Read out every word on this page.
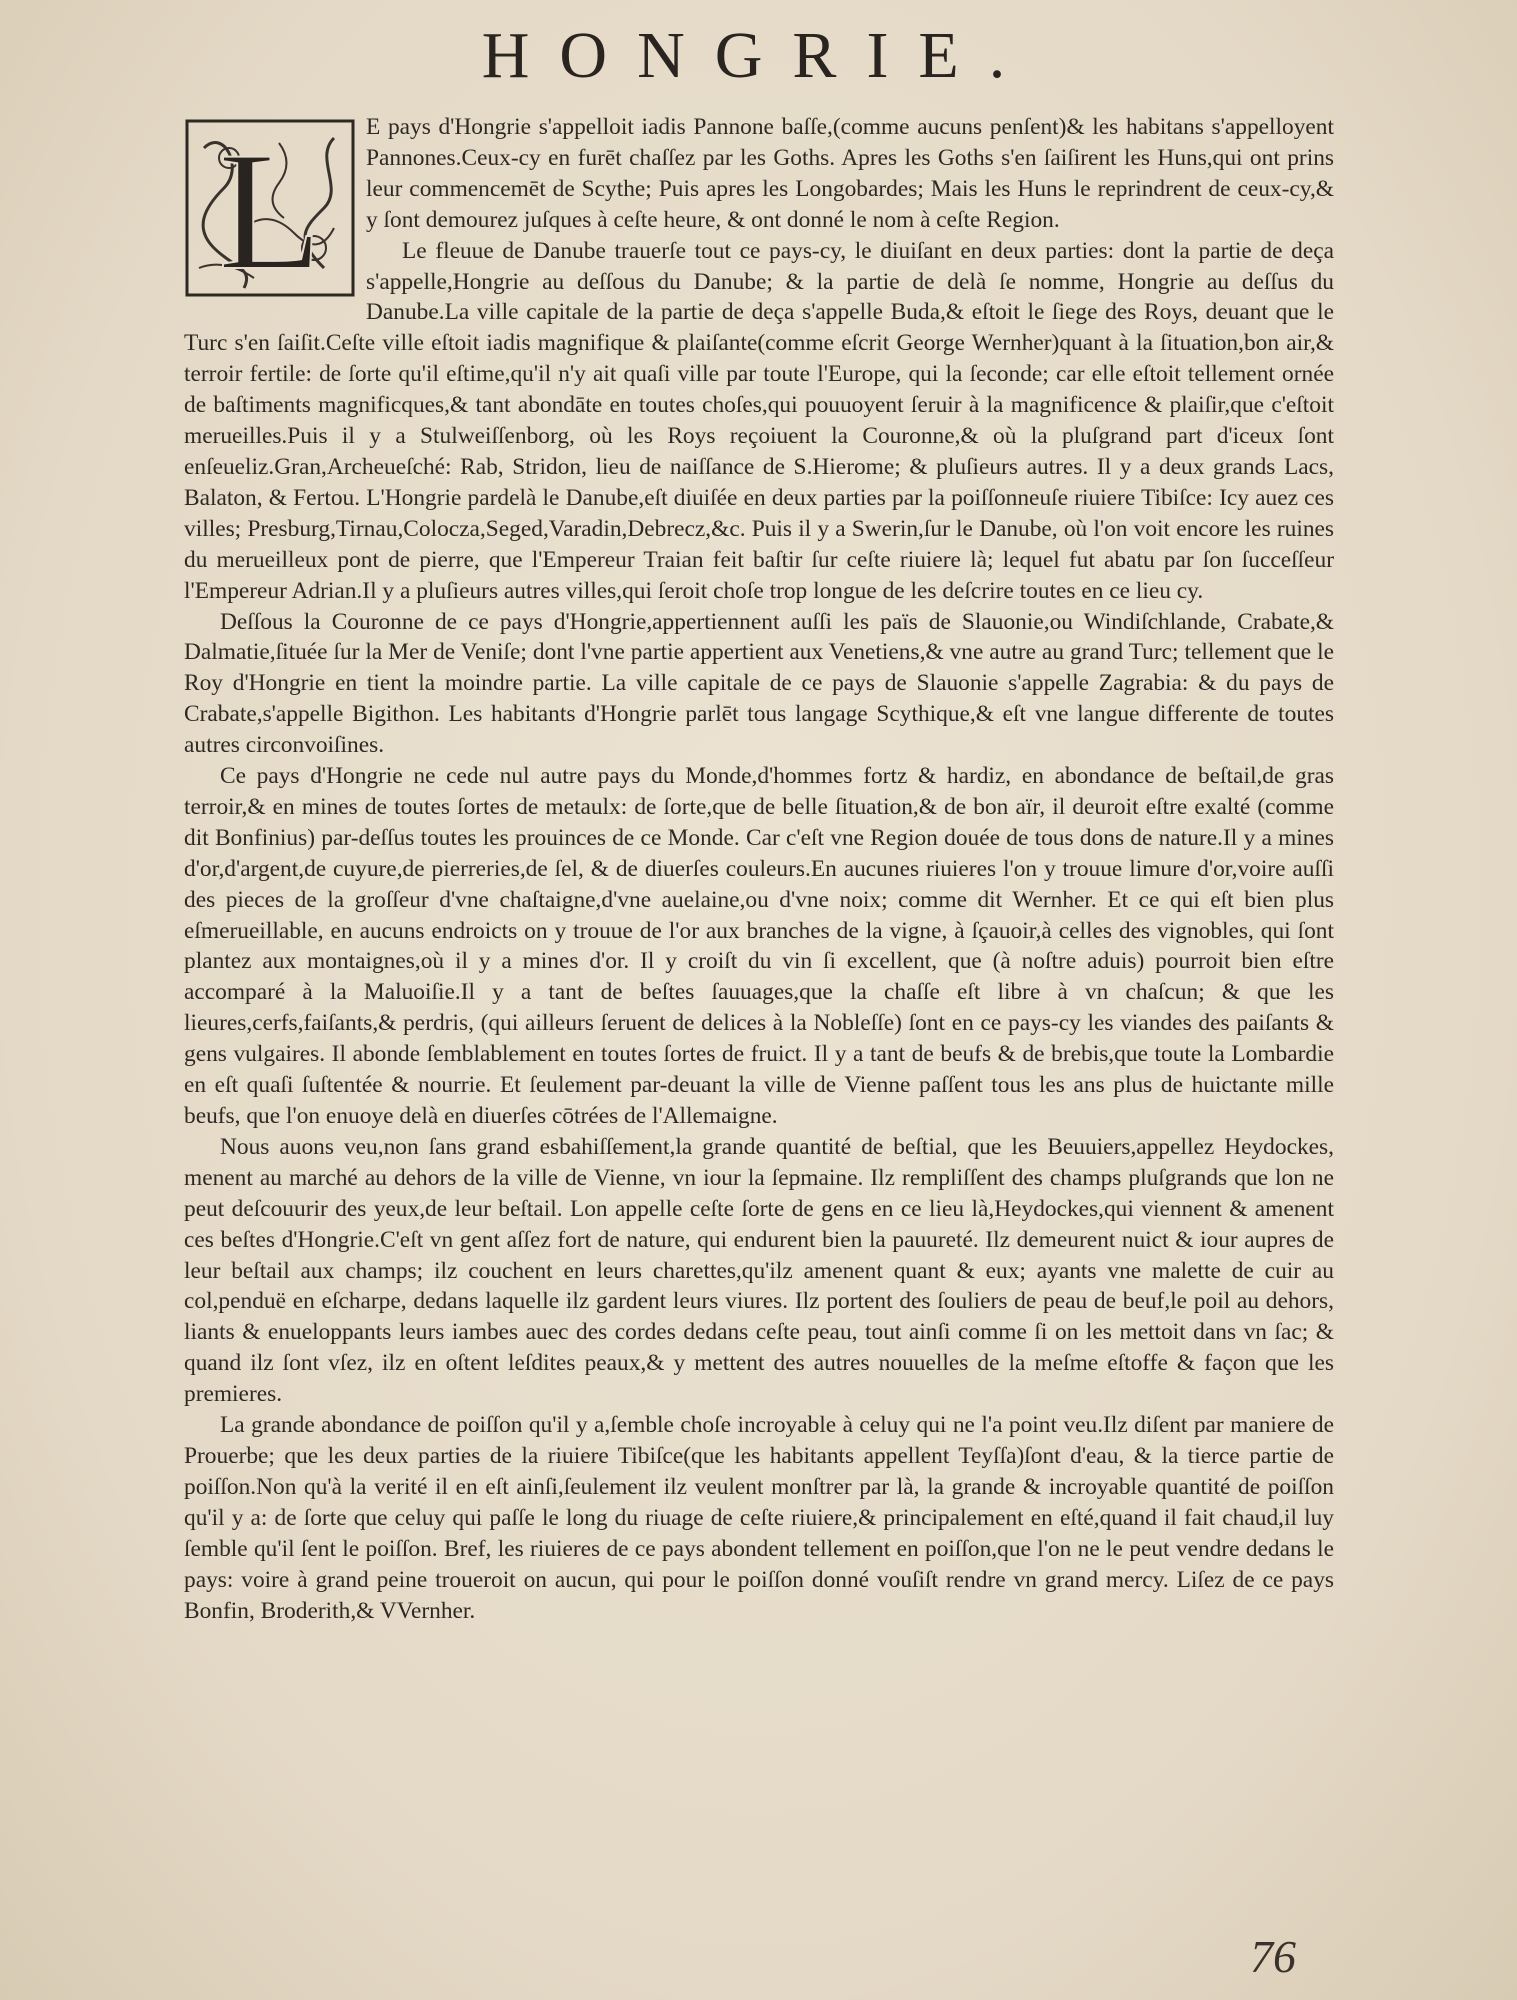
HONGRIE.
L	E pays d'Hongrie s'appelloit iadis Pannone baſſe,(comme aucuns penſent)& les habitans s'appelloyent Pannones.Ceux-cy en furēt chaſſez par les Goths. Apres les Goths s'en ſaiſirent les Huns,qui ont prins leur commencemēt de Scythe; Puis apres les Longobardes; Mais les Huns le reprindrent de ceux-cy,& y ſont demourez juſques à ceſte heure, & ont donné le nom à ceſte Region.

Le fleuue de Danube trauerſe tout ce pays-cy, le diuiſant en deux parties: dont la partie de deça s'appelle,Hongrie au deſſous du Danube; & la partie de delà ſe nomme, Hongrie au deſſus du Danube.La ville capitale de la partie de deça s'appelle Buda,& eſtoit le ſiege des Roys, deuant que le Turc s'en ſaiſit.Ceſte ville eſtoit iadis magnifique & plaiſante(comme eſcrit George Wernher)quant à la ſituation,bon air,& terroir fertile: de ſorte qu'il eſtime,qu'il n'y ait quaſi ville par toute l'Europe, qui la ſeconde; car elle eſtoit tellement ornée de baſtiments magnificques,& tant abondāte en toutes choſes,qui pouuoyent ſeruir à la magnificence & plaiſir,que c'eſtoit merueilles.Puis il y a Stulweiſſenborg, où les Roys reçoiuent la Couronne,& où la pluſgrand part d'iceux ſont enſeueliz.Gran,Archeueſché: Rab, Stridon, lieu de naiſſance de S.Hierome; & pluſieurs autres. Il y a deux grands Lacs, Balaton, & Fertou. L'Hongrie pardelà le Danube,eſt diuiſée en deux parties par la poiſſonneuſe riuiere Tibiſce: Icy auez ces villes; Presburg,Tirnau,Colocza,Seged,Varadin,Debrecz,&c. Puis il y a Swerin,ſur le Danube, où l'on voit encore les ruines du merueilleux pont de pierre, que l'Empereur Traian feit baſtir ſur ceſte riuiere là; lequel fut abatu par ſon ſucceſſeur l'Empereur Adrian.Il y a pluſieurs autres villes,qui ſeroit choſe trop longue de les deſcrire toutes en ce lieu cy.

Deſſous la Couronne de ce pays d'Hongrie,appertiennent auſſi les païs de Slauonie,ou Windiſchlande, Crabate,& Dalmatie,ſituée ſur la Mer de Veniſe; dont l'vne partie appertient aux Venetiens,& vne autre au grand Turc; tellement que le Roy d'Hongrie en tient la moindre partie. La ville capitale de ce pays de Slauonie s'appelle Zagrabia: & du pays de Crabate,s'appelle Bigithon. Les habitants d'Hongrie parlēt tous langage Scythique,& eſt vne langue differente de toutes autres circonvoiſines.

Ce pays d'Hongrie ne cede nul autre pays du Monde,d'hommes fortz & hardiz, en abondance de beſtail,de gras terroir,& en mines de toutes ſortes de metaulx: de ſorte,que de belle ſituation,& de bon aïr, il deuroit eſtre exalté (comme dit Bonfinius) par-deſſus toutes les prouinces de ce Monde. Car c'eſt vne Region douée de tous dons de nature.Il y a mines d'or,d'argent,de cuyure,de pierreries,de ſel, & de diuerſes couleurs.En aucunes riuieres l'on y trouue limure d'or,voire auſſi des pieces de la groſſeur d'vne chaſtaigne,d'vne auelaine,ou d'vne noix; comme dit Wernher. Et ce qui eſt bien plus eſmerueillable, en aucuns endroicts on y trouue de l'or aux branches de la vigne, à ſçauoir,à celles des vignobles, qui ſont plantez aux montaignes,où il y a mines d'or. Il y croiſt du vin ſi excellent, que (à noſtre aduis) pourroit bien eſtre accomparé à la Maluoiſie.Il y a tant de beſtes ſauuages,que la chaſſe eſt libre à vn chaſcun; & que les lieures,cerfs,faiſants,& perdris, (qui ailleurs ſeruent de delices à la Nobleſſe) ſont en ce pays-cy les viandes des paiſants & gens vulgaires. Il abonde ſemblablement en toutes ſortes de fruict. Il y a tant de beufs & de brebis,que toute la Lombardie en eſt quaſi ſuſtentée & nourrie. Et ſeulement par-deuant la ville de Vienne paſſent tous les ans plus de huictante mille beufs, que l'on enuoye delà en diuerſes cōtrées de l'Allemaigne.

Nous auons veu,non ſans grand esbahiſſement,la grande quantité de beſtial, que les Beuuiers,appellez Heydockes, menent au marché au dehors de la ville de Vienne, vn iour la ſepmaine. Ilz rempliſſent des champs pluſgrands que lon ne peut deſcouurir des yeux,de leur beſtail. Lon appelle ceſte ſorte de gens en ce lieu là,Heydockes,qui viennent & amenent ces beſtes d'Hongrie.C'eſt vn gent aſſez fort de nature, qui endurent bien la pauureté. Ilz demeurent nuict & iour aupres de leur beſtail aux champs; ilz couchent en leurs charettes,qu'ilz amenent quant & eux; ayants vne malette de cuir au col,penduë en eſcharpe, dedans laquelle ilz gardent leurs viures. Ilz portent des ſouliers de peau de beuf,le poil au dehors, liants & enueloppants leurs iambes auec des cordes dedans ceſte peau, tout ainſi comme ſi on les mettoit dans vn ſac; & quand ilz ſont vſez, ilz en oſtent leſdites peaux,& y mettent des autres nouuelles de la meſme eſtoffe & façon que les premieres.

La grande abondance de poiſſon qu'il y a,ſemble choſe incroyable à celuy qui ne l'a point veu.Ilz diſent par maniere de Prouerbe; que les deux parties de la riuiere Tibiſce(que les habitants appellent Teyſſa)ſont d'eau, & la tierce partie de poiſſon.Non qu'à la verité il en eſt ainſi,ſeulement ilz veulent monſtrer par là, la grande & incroyable quantité de poiſſon qu'il y a: de ſorte que celuy qui paſſe le long du riuage de ceſte riuiere,& principalement en eſté,quand il fait chaud,il luy ſemble qu'il ſent le poiſſon. Bref, les riuieres de ce pays abondent tellement en poiſſon,que l'on ne le peut vendre dedans le pays: voire à grand peine troueroit on aucun, qui pour le poiſſon donné vouſiſt rendre vn grand mercy. Liſez de ce pays Bonfin, Broderith,& VVernher.

76
